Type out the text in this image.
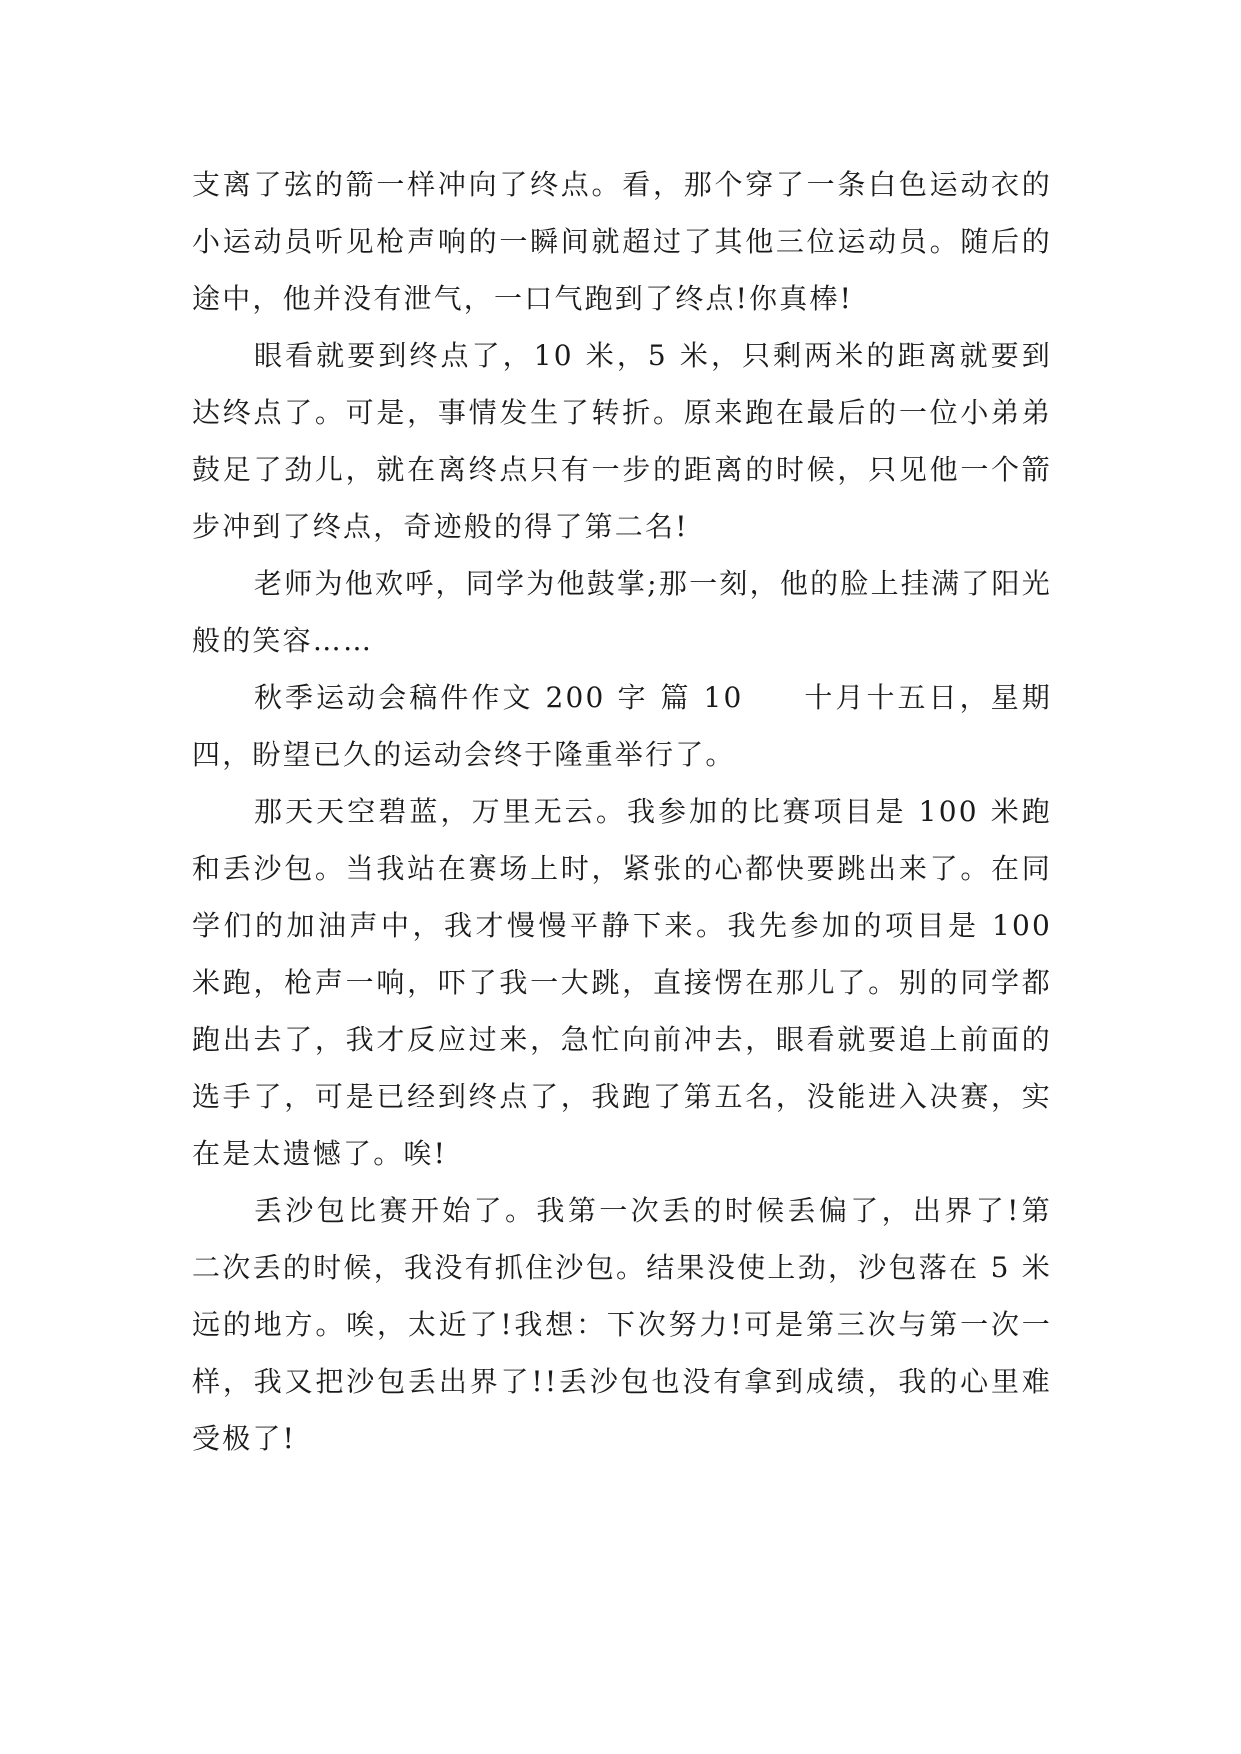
支离了弦的箭一样冲向了终点。看，那个穿了一条白色运动衣的小运动员听见枪声响的一瞬间就超过了其他三位运动员。随后的途中，他并没有泄气，一口气跑到了终点!你真棒!

眼看就要到终点了，10 米，5 米，只剩两米的距离就要到达终点了。可是，事情发生了转折。原来跑在最后的一位小弟弟鼓足了劲儿，就在离终点只有一步的距离的时候，只见他一个箭步冲到了终点，奇迹般的得了第二名!

老师为他欢呼，同学为他鼓掌;那一刻，他的脸上挂满了阳光般的笑容……

秋季运动会稿件作文 200 字 篇 10 十月十五日，星期四，盼望已久的运动会终于隆重举行了。

那天天空碧蓝，万里无云。我参加的比赛项目是 100 米跑和丢沙包。当我站在赛场上时，紧张的心都快要跳出来了。在同学们的加油声中，我才慢慢平静下来。我先参加的项目是 100 米跑，枪声一响，吓了我一大跳，直接愣在那儿了。别的同学都跑出去了，我才反应过来，急忙向前冲去，眼看就要追上前面的选手了，可是已经到终点了，我跑了第五名，没能进入决赛，实在是太遗憾了。唉!

丢沙包比赛开始了。我第一次丢的时候丢偏了，出界了!第二次丢的时候，我没有抓住沙包。结果没使上劲，沙包落在 5 米远的地方。唉，太近了!我想：下次努力!可是第三次与第一次一样，我又把沙包丢出界了!!丢沙包也没有拿到成绩，我的心里难受极了!
